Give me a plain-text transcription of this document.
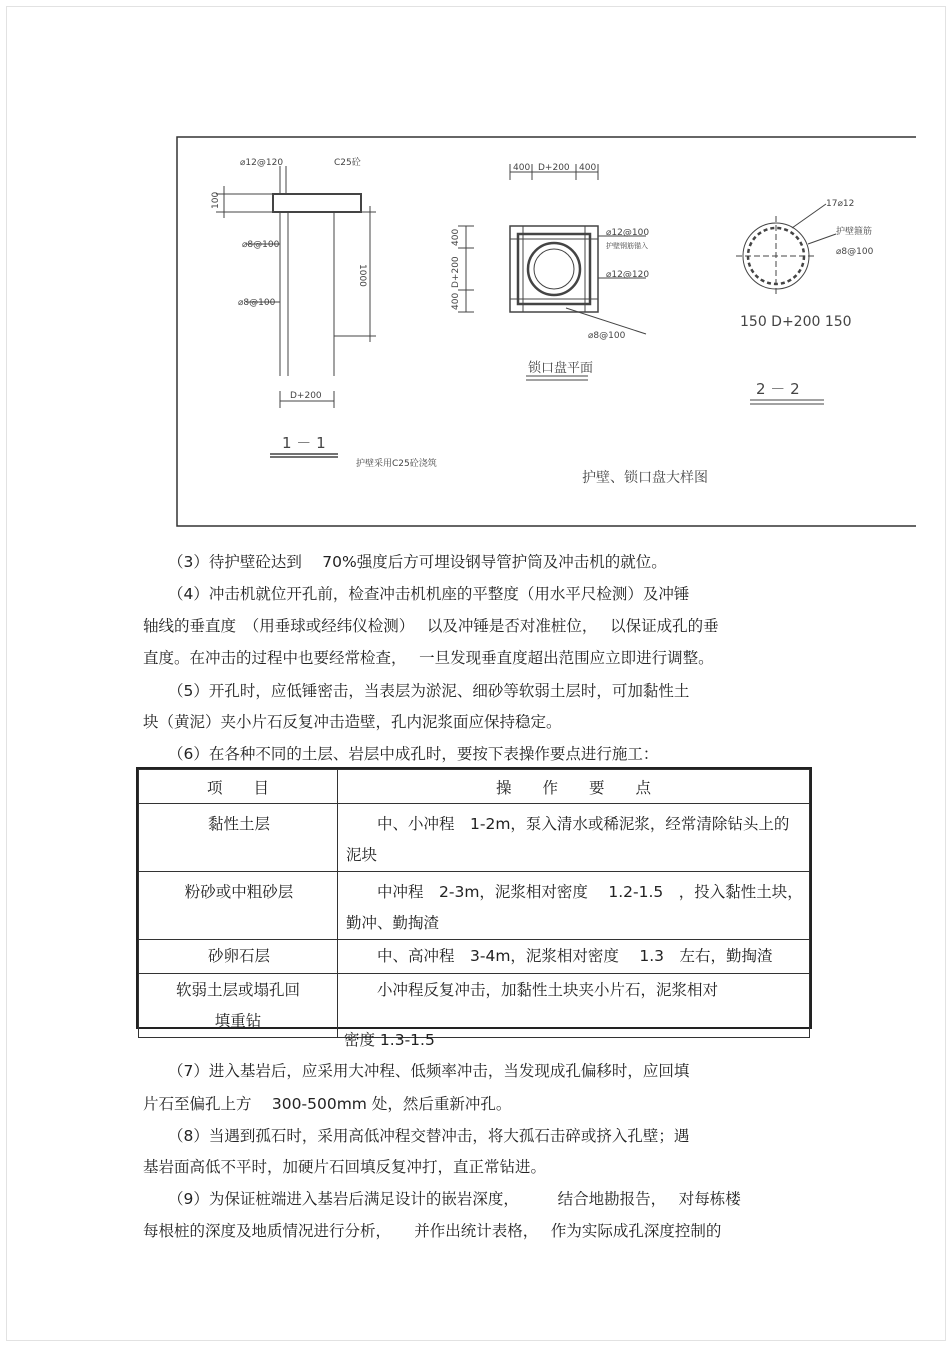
⌀12@120	C25砼
100
⌀8@100
⌀8@100
1000
D+200
1 － 1
护壁采用C25砼浇筑
400 D+200 400
400
D+200
400
⌀12@100
护壁钢筋锚入
⌀12@120
⌀8@100
锁口盘平面
17⌀12
护壁箍筋
⌀8@100
150 D+200 150
2 － 2
护壁、锁口盘大样图
（3）待护壁砼达到　 70%强度后方可埋设钢导管护筒及冲击机的就位。
（4）冲击机就位开孔前，检查冲击机机座的平整度（用水平尺检测）及冲锤
轴线的垂直度　（用垂球或经纬仪检测）　 以及冲锤是否对准桩位，　 以保证成孔的垂
直度。在冲击的过程中也要经常检查，　 一旦发现垂直度超出范围应立即进行调整。
（5）开孔时，应低锤密击，当表层为淤泥、细砂等软弱土层时，可加黏性土
块（黄泥）夹小片石反复冲击造壁，孔内泥浆面应保持稳定。
（6）在各种不同的土层、岩层中成孔时，要按下表操作要点进行施工：
项　　目	操　　作　　要　　点

黏性土层	　　中、小冲程　1-2m，泵入清水或稀泥浆，经常清除钻头上的泥块

粉砂或中粗砂层	　　中冲程　2-3m，泥浆相对密度　 1.2-1.5　，投入黏性土块，勤冲、勤掏渣

砂卵石层	　　中、高冲程　3-4m，泥浆相对密度　 1.3　左右，勤掏渣

软弱土层或塌孔回填重钻	　　小冲程反复冲击，加黏性土块夹小片石，泥浆相对
密度 1.3-1.5
（7）进入基岩后，应采用大冲程、低频率冲击，当发现成孔偏移时，应回填
片石至偏孔上方　 300-500mm 处，然后重新冲孔。
（8）当遇到孤石时，采用高低冲程交替冲击，将大孤石击碎或挤入孔壁；遇
基岩面高低不平时，加硬片石回填反复冲打，直正常钻进。
（9）为保证桩端进入基岩后满足设计的嵌岩深度，　　　结合地勘报告，　 对每栋楼
每根桩的深度及地质情况进行分析，　　并作出统计表格，　 作为实际成孔深度控制的
